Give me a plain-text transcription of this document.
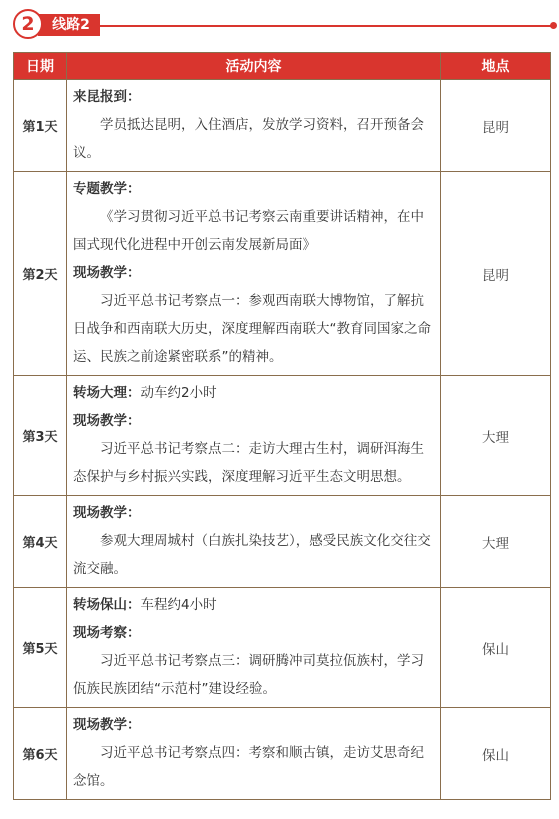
线路2
2
日期	活动内容	地点
第1天	来昆报到：
学员抵达昆明，入住酒店，发放学习资料，召开预备会议。	昆明
第2天	专题教学：
《学习贯彻习近平总书记考察云南重要讲话精神，在中国式现代化进程中开创云南发展新局面》
现场教学：
习近平总书记考察点一：参观西南联大博物馆，了解抗日战争和西南联大历史，深度理解西南联大“教育同国家之命运、民族之前途紧密联系”的精神。	昆明
第3天	转场大理：动车约2小时
现场教学：
习近平总书记考察点二：走访大理古生村，调研洱海生态保护与乡村振兴实践，深度理解习近平生态文明思想。	大理
第4天	现场教学：
参观大理周城村（白族扎染技艺），感受民族文化交往交流交融。	大理
第5天	转场保山：车程约4小时
现场考察：
习近平总书记考察点三：调研腾冲司莫拉佤族村，学习佤族民族团结“示范村”建设经验。	保山
第6天	现场教学：
习近平总书记考察点四：考察和顺古镇，走访艾思奇纪念馆。	保山
